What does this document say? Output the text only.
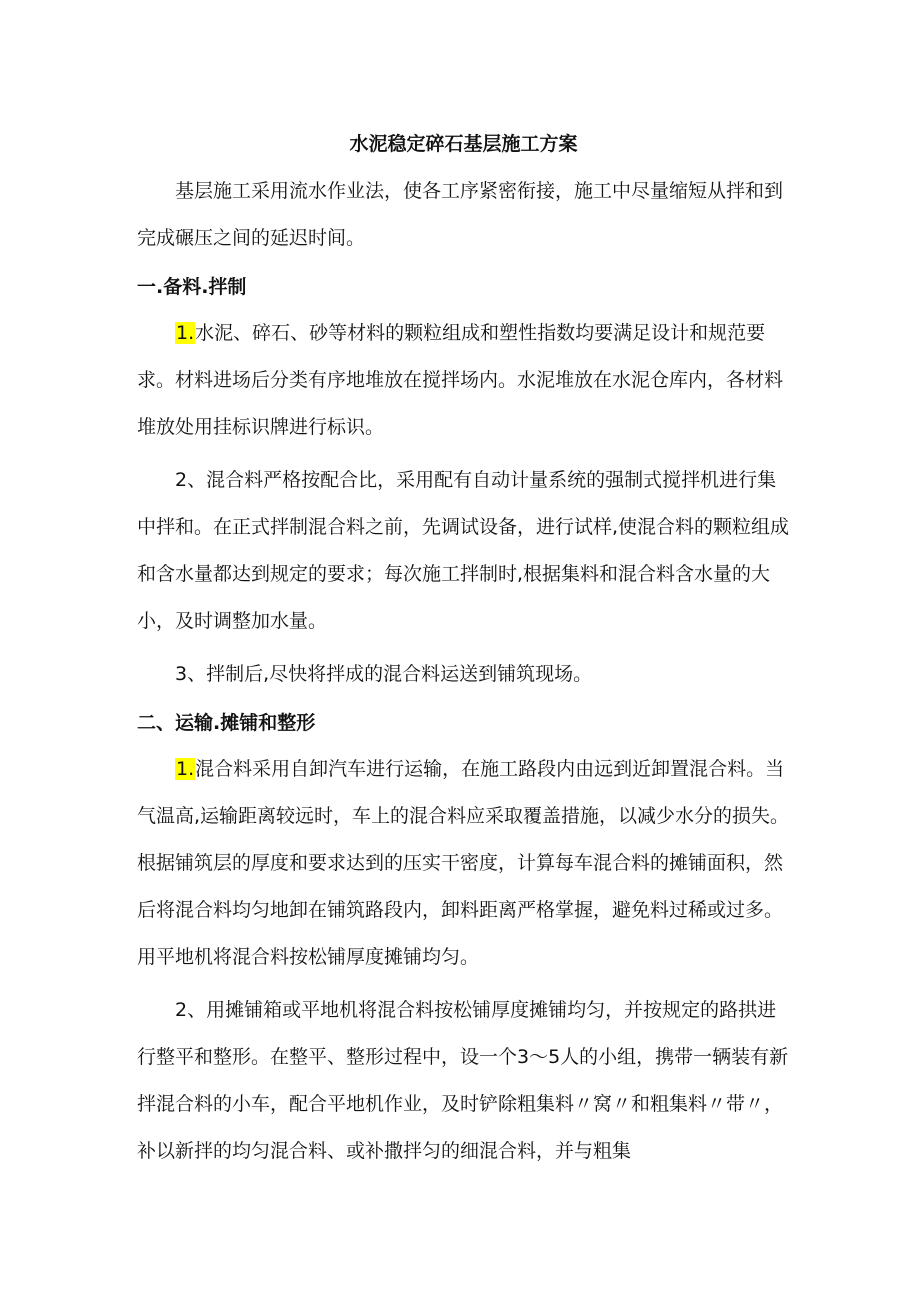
水泥稳定碎石基层施工方案

基层施工采用流水作业法，使各工序紧密衔接，施工中尽量缩短从拌和到完成碾压之间的延迟时间。

一.备料.拌制

1.水泥、碎石、砂等材料的颗粒组成和塑性指数均要满足设计和规范要求。材料进场后分类有序地堆放在搅拌场内。水泥堆放在水泥仓库内，各材料堆放处用挂标识牌进行标识。

2、混合料严格按配合比，采用配有自动计量系统的强制式搅拌机进行集中拌和。在正式拌制混合料之前，先调试设备，进行试样,使混合料的颗粒组成和含水量都达到规定的要求；每次施工拌制时,根据集料和混合料含水量的大小，及时调整加水量。

3、拌制后,尽快将拌成的混合料运送到铺筑现场。

二、运输.摊铺和整形

1.混合料采用自卸汽车进行运输，在施工路段内由远到近卸置混合料。当气温高,运输距离较远时，车上的混合料应采取覆盖措施，以减少水分的损失。根据铺筑层的厚度和要求达到的压实干密度，计算每车混合料的摊铺面积，然后将混合料均匀地卸在铺筑路段内，卸料距离严格掌握，避免料过稀或过多。用平地机将混合料按松铺厚度摊铺均匀。

2、用摊铺箱或平地机将混合料按松铺厚度摊铺均匀，并按规定的路拱进行整平和整形。在整平、整形过程中，设一个3〜5人的小组，携带一辆装有新拌混合料的小车，配合平地机作业，及时铲除粗集料〃窝〃和粗集料〃带〃，补以新拌的均匀混合料、或补撒拌匀的细混合料，并与粗集
